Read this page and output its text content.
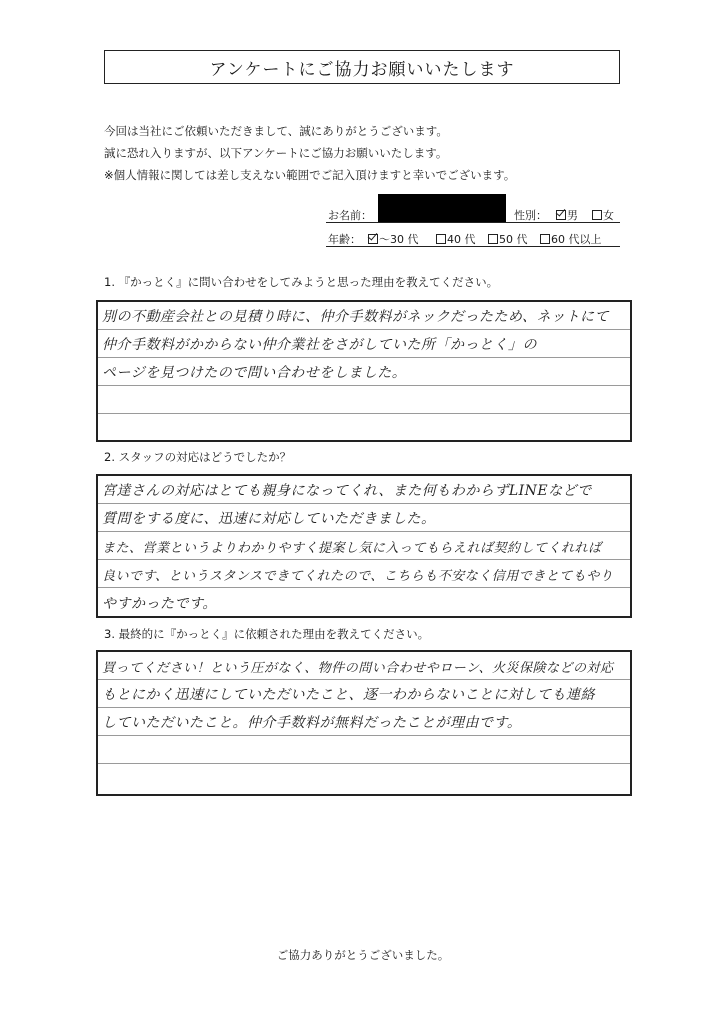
アンケートにご協力お願いいたします
今回は当社にご依頼いただきまして、誠にありがとうございます。
誠に恐れ入りますが、以下アンケートにご協力お願いいたします。
※個人情報に関しては差し支えない範囲でご記入頂けますと幸いでございます。
お名前：	性別：	男	女
年齢：	～30 代	40 代	50 代	60 代以上
1. 『かっとく』に問い合わせをしてみようと思った理由を教えてください。
別の不動産会社との見積り時に、仲介手数料がネックだったため、ネットにて
仲介手数料がかからない仲介業社をさがしていた所「かっとく」の
ページを見つけたので問い合わせをしました。
2. スタッフの対応はどうでしたか？
宮達さんの対応はとても親身になってくれ、また何もわからずLINEなどで
質問をする度に、迅速に対応していただきました。
また、営業というよりわかりやすく提案し気に入ってもらえれば契約してくれれば
良いです、というスタンスできてくれたので、こちらも不安なく信用できとてもやり
やすかったです。
3. 最終的に『かっとく』に依頼された理由を教えてください。
買ってください！という圧がなく、物件の問い合わせやローン、火災保険などの対応
もとにかく迅速にしていただいたこと、逐一わからないことに対しても連絡
していただいたこと。仲介手数料が無料だったことが理由です。
ご協力ありがとうございました。
